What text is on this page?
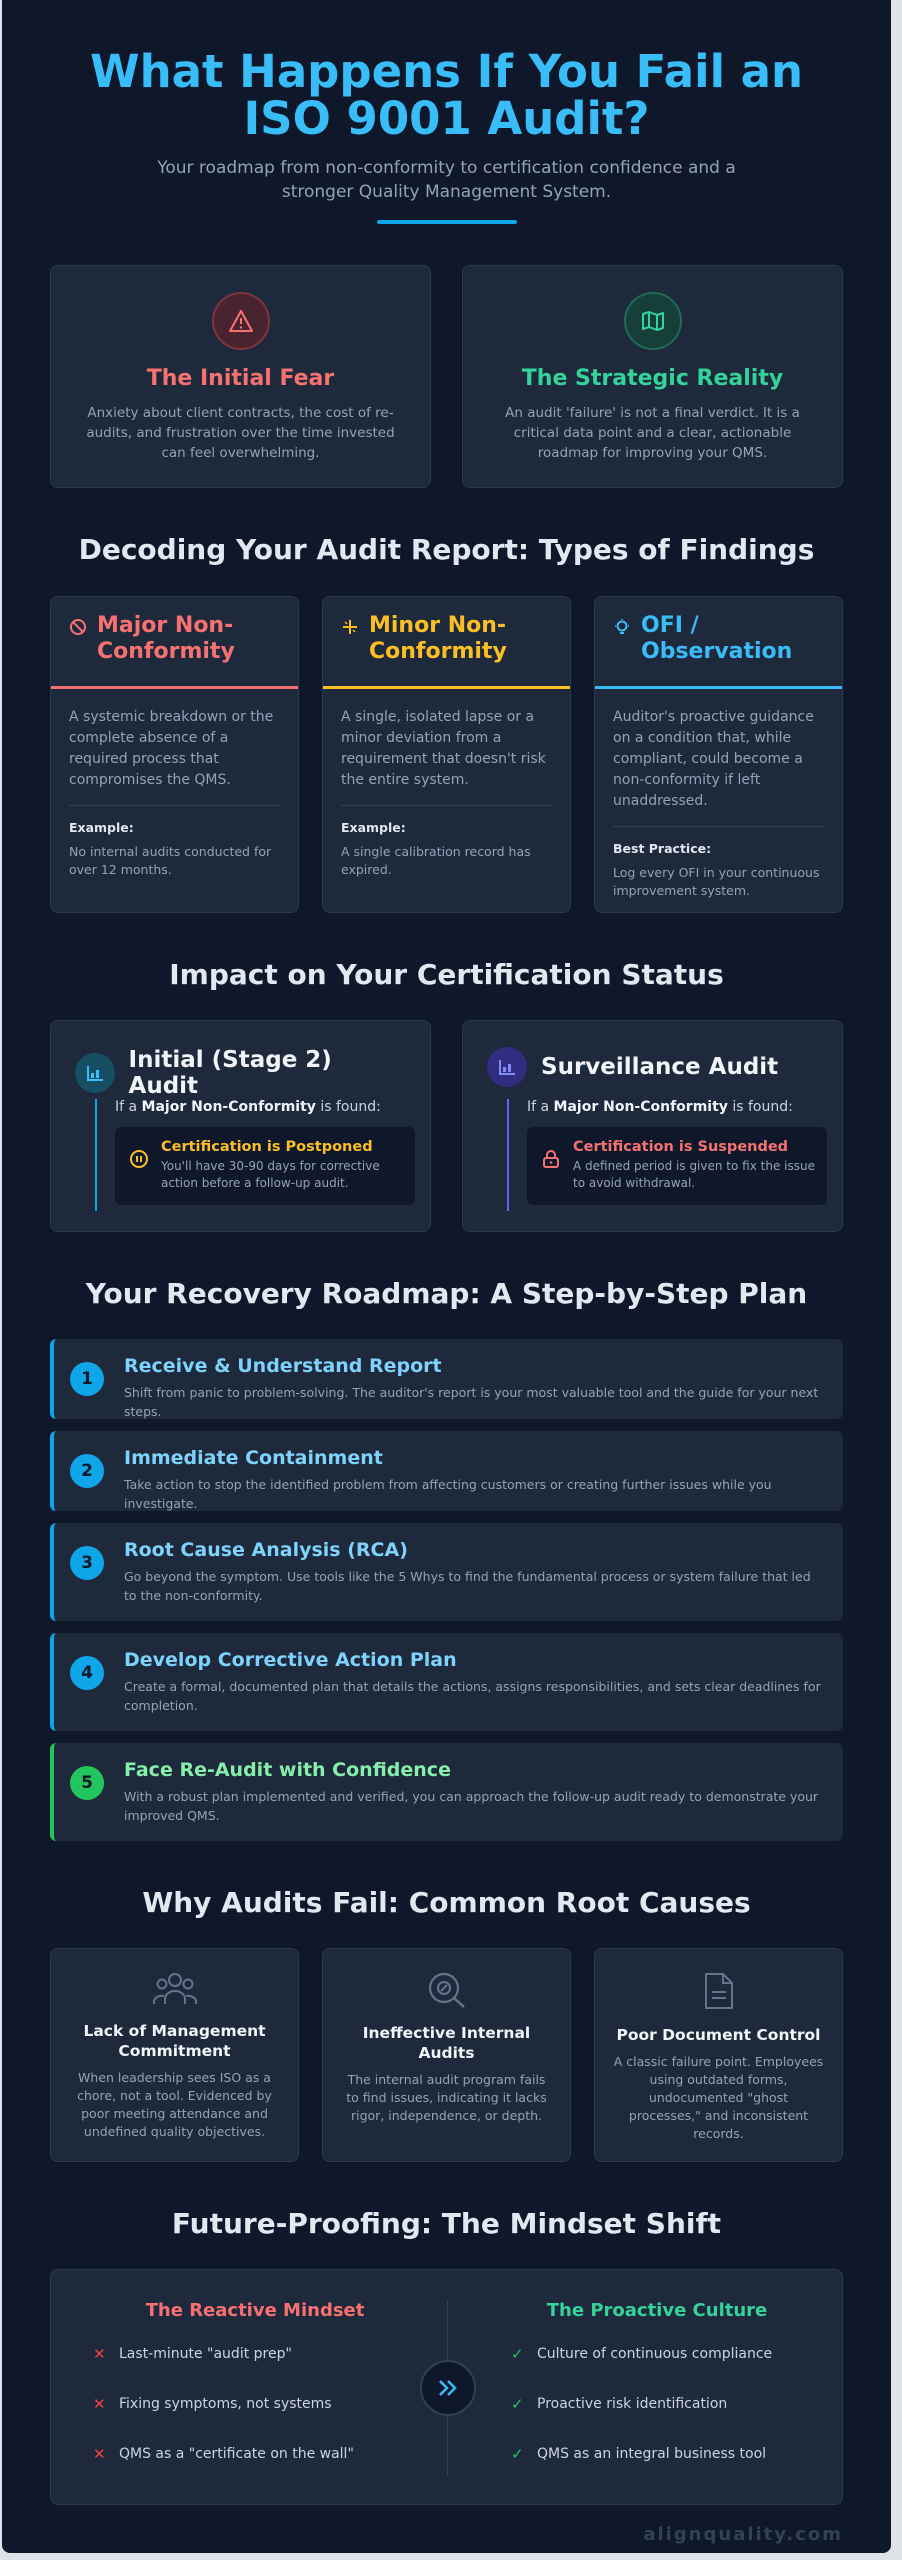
What Happens If You Fail an ISO 9001 Audit?
Your roadmap from non-conformity to certification confidence and a stronger Quality Management System.
The Initial Fear
Anxiety about client contracts, the cost of re-audits, and frustration over the time invested can feel overwhelming.
The Strategic Reality
An audit 'failure' is not a final verdict. It is a critical data point and a clear, actionable roadmap for improving your QMS.
Decoding Your Audit Report: Types of Findings
Major Non-Conformity
A systemic breakdown or the complete absence of a required process that compromises the QMS.
Example:
No internal audits conducted for over 12 months.
Minor Non-Conformity
A single, isolated lapse or a minor deviation from a requirement that doesn't risk the entire system.
Example:
A single calibration record has expired.
OFI / Observation
Auditor's proactive guidance on a condition that, while compliant, could become a non-conformity if left unaddressed.
Best Practice:
Log every OFI in your continuous improvement system.
Impact on Your Certification Status
Initial (Stage 2) Audit
If a Major Non-Conformity is found:
Certification is Postponed
You'll have 30-90 days for corrective action before a follow-up audit.
Surveillance Audit
If a Major Non-Conformity is found:
Certification is Suspended
A defined period is given to fix the issue to avoid withdrawal.
Your Recovery Roadmap: A Step-by-Step Plan
1
Receive & Understand Report
Shift from panic to problem-solving. The auditor's report is your most valuable tool and the guide for your next steps.
2
Immediate Containment
Take action to stop the identified problem from affecting customers or creating further issues while you investigate.
3
Root Cause Analysis (RCA)
Go beyond the symptom. Use tools like the 5 Whys to find the fundamental process or system failure that led to the non-conformity.
4
Develop Corrective Action Plan
Create a formal, documented plan that details the actions, assigns responsibilities, and sets clear deadlines for completion.
5
Face Re-Audit with Confidence
With a robust plan implemented and verified, you can approach the follow-up audit ready to demonstrate your improved QMS.
Why Audits Fail: Common Root Causes
Lack of Management Commitment
When leadership sees ISO as a chore, not a tool. Evidenced by poor meeting attendance and undefined quality objectives.
Ineffective Internal Audits
The internal audit program fails to find issues, indicating it lacks rigor, independence, or depth.
Poor Document Control
A classic failure point. Employees using outdated forms, undocumented "ghost processes," and inconsistent records.
Future-Proofing: The Mindset Shift
The Reactive Mindset
✕ Last-minute "audit prep"
✕ Fixing symptoms, not systems
✕ QMS as a "certificate on the wall"
The Proactive Culture
✓ Culture of continuous compliance
✓ Proactive risk identification
✓ QMS as an integral business tool
alignquality.com
